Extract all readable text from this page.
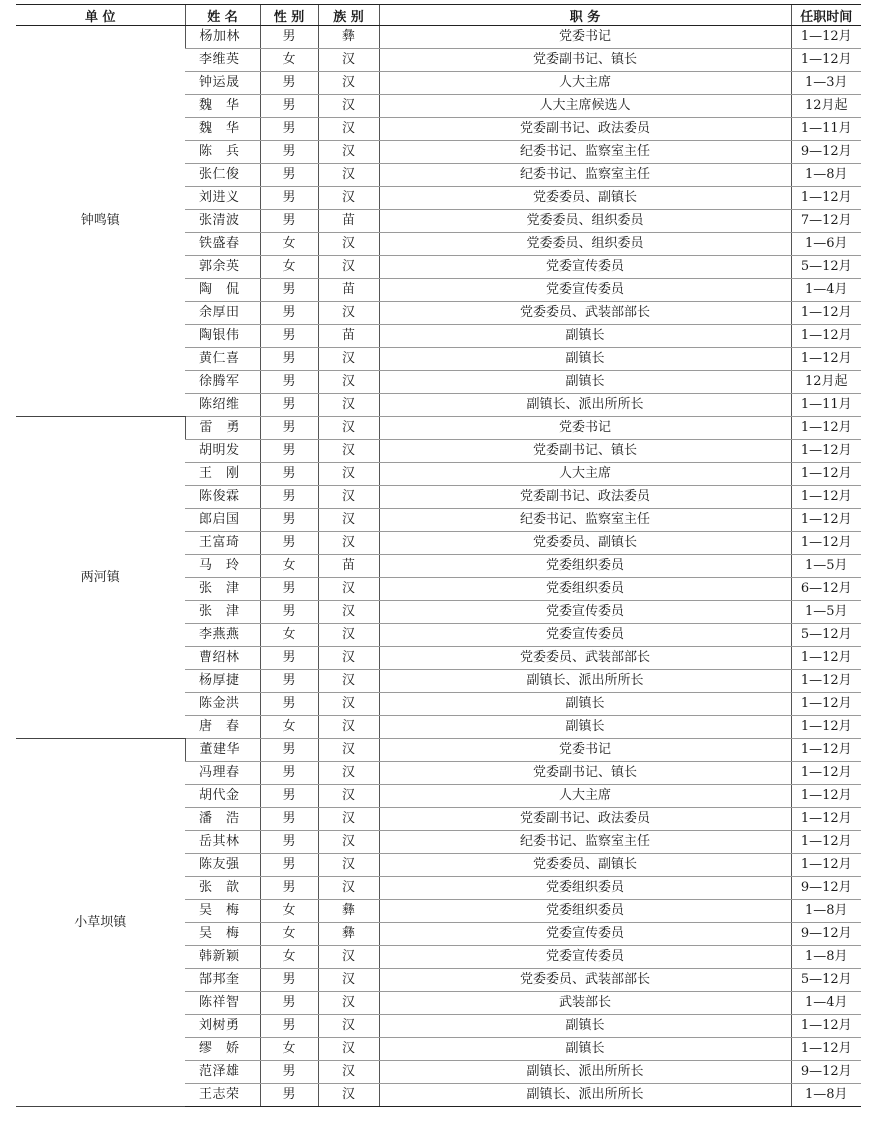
单 位	姓 名	性 别	族 别	职 务	任职时间
钟鸣镇	杨加林	男	彝	党委书记	1—12月
	李维英	女	汉	党委副书记、镇长	1—12月
	钟运晟	男	汉	人大主席	1—3月
	魏　华	男	汉	人大主席候选人	12月起
	魏　华	男	汉	党委副书记、政法委员	1—11月
	陈　兵	男	汉	纪委书记、监察室主任	9—12月
	张仁俊	男	汉	纪委书记、监察室主任	1—8月
	刘进义	男	汉	党委委员、副镇长	1—12月
	张清波	男	苗	党委委员、组织委员	7—12月
	铁盛春	女	汉	党委委员、组织委员	1—6月
	郭余英	女	汉	党委宣传委员	5—12月
	陶　侃	男	苗	党委宣传委员	1—4月
	余厚田	男	汉	党委委员、武装部部长	1—12月
	陶银伟	男	苗	副镇长	1—12月
	黄仁喜	男	汉	副镇长	1—12月
	徐腾军	男	汉	副镇长	12月起
	陈绍维	男	汉	副镇长、派出所所长	1—11月
两河镇	雷　勇	男	汉	党委书记	1—12月
	胡明发	男	汉	党委副书记、镇长	1—12月
	王　刚	男	汉	人大主席	1—12月
	陈俊霖	男	汉	党委副书记、政法委员	1—12月
	郎启国	男	汉	纪委书记、监察室主任	1—12月
	王富琦	男	汉	党委委员、副镇长	1—12月
	马　玲	女	苗	党委组织委员	1—5月
	张　津	男	汉	党委组织委员	6—12月
	张　津	男	汉	党委宣传委员	1—5月
	李燕燕	女	汉	党委宣传委员	5—12月
	曹绍林	男	汉	党委委员、武装部部长	1—12月
	杨厚捷	男	汉	副镇长、派出所所长	1—12月
	陈金洪	男	汉	副镇长	1—12月
	唐　春	女	汉	副镇长	1—12月
小草坝镇	董建华	男	汉	党委书记	1—12月
	冯理春	男	汉	党委副书记、镇长	1—12月
	胡代金	男	汉	人大主席	1—12月
	潘　浩	男	汉	党委副书记、政法委员	1—12月
	岳其林	男	汉	纪委书记、监察室主任	1—12月
	陈友强	男	汉	党委委员、副镇长	1—12月
	张　歆	男	汉	党委组织委员	9—12月
	吴　梅	女	彝	党委组织委员	1—8月
	吴　梅	女	彝	党委宣传委员	9—12月
	韩新颖	女	汉	党委宣传委员	1—8月
	郜邦奎	男	汉	党委委员、武装部部长	5—12月
	陈祥智	男	汉	武装部长	1—4月
	刘树勇	男	汉	副镇长	1—12月
	缪　娇	女	汉	副镇长	1—12月
	范泽雄	男	汉	副镇长、派出所所长	9—12月
	王志荣	男	汉	副镇长、派出所所长	1—8月
